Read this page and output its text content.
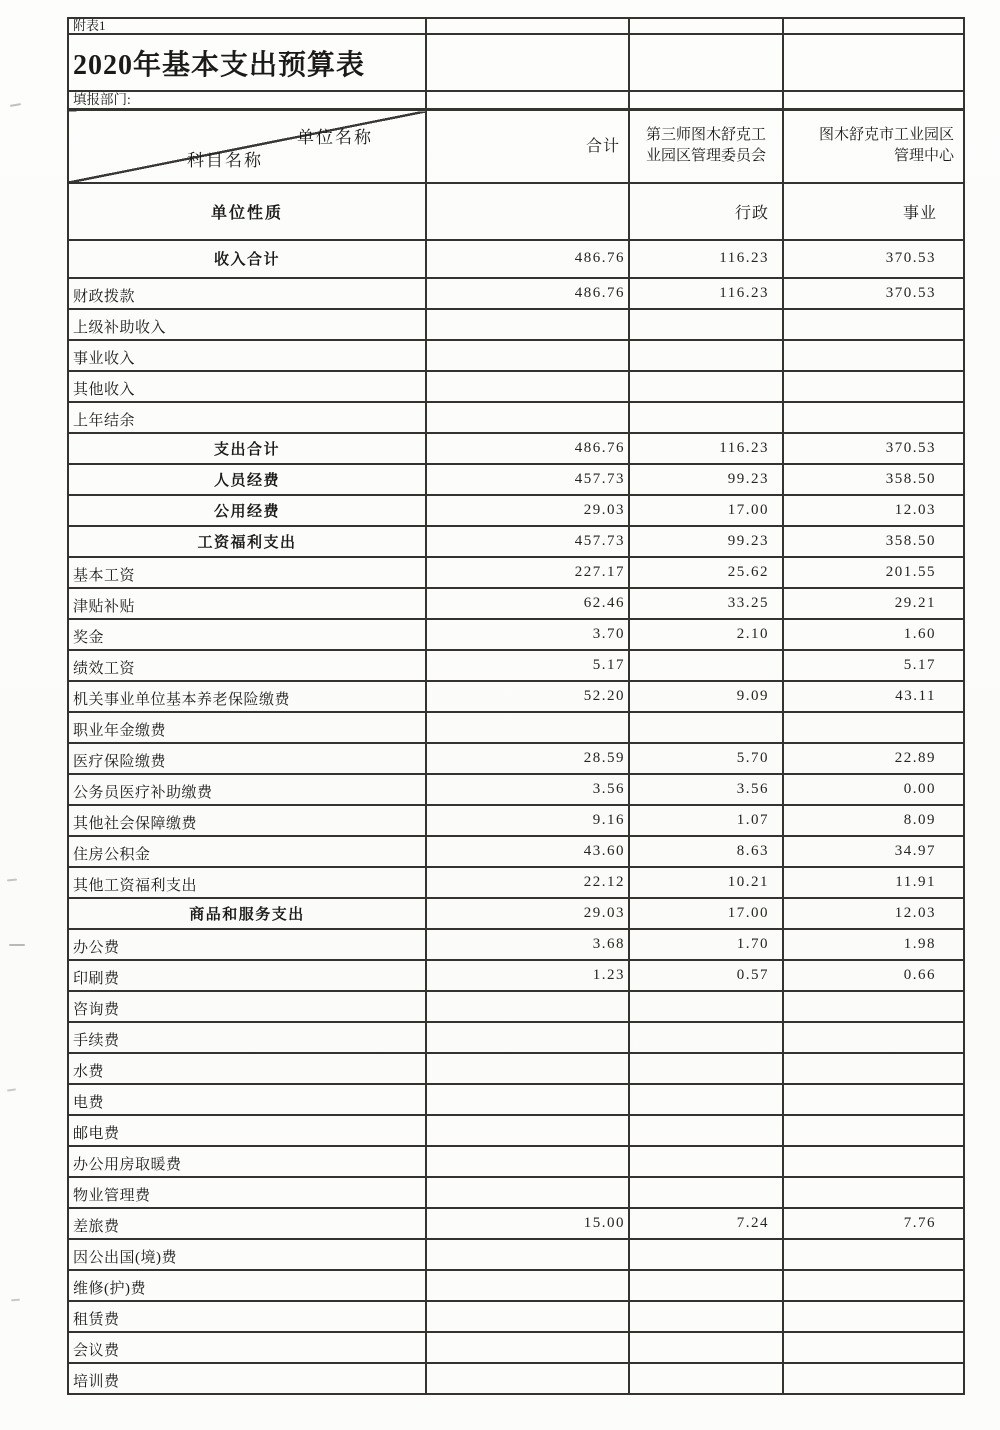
附表1			
2020年基本支出预算表			
填报部门:			

单位名称
科目名称	合计	第三师图木舒克工业园区管理委员会	图木舒克市工业园区管理中心
单位性质		行政	事业
收入合计	486.76	116.23	370.53
财政拨款	486.76	116.23	370.53
上级补助收入			
事业收入			
其他收入			
上年结余			
支出合计	486.76	116.23	370.53
人员经费	457.73	99.23	358.50
公用经费	29.03	17.00	12.03
工资福利支出	457.73	99.23	358.50
基本工资	227.17	25.62	201.55
津贴补贴	62.46	33.25	29.21
奖金	3.70	2.10	1.60
绩效工资	5.17		5.17
机关事业单位基本养老保险缴费	52.20	9.09	43.11
职业年金缴费			
医疗保险缴费	28.59	5.70	22.89
公务员医疗补助缴费	3.56	3.56	0.00
其他社会保障缴费	9.16	1.07	8.09
住房公积金	43.60	8.63	34.97
其他工资福利支出	22.12	10.21	11.91
商品和服务支出	29.03	17.00	12.03
办公费	3.68	1.70	1.98
印刷费	1.23	0.57	0.66
咨询费			
手续费			
水费			
电费			
邮电费			
办公用房取暖费			
物业管理费			
差旅费	15.00	7.24	7.76
因公出国(境)费			
维修(护)费			
租赁费			
会议费			
培训费			
